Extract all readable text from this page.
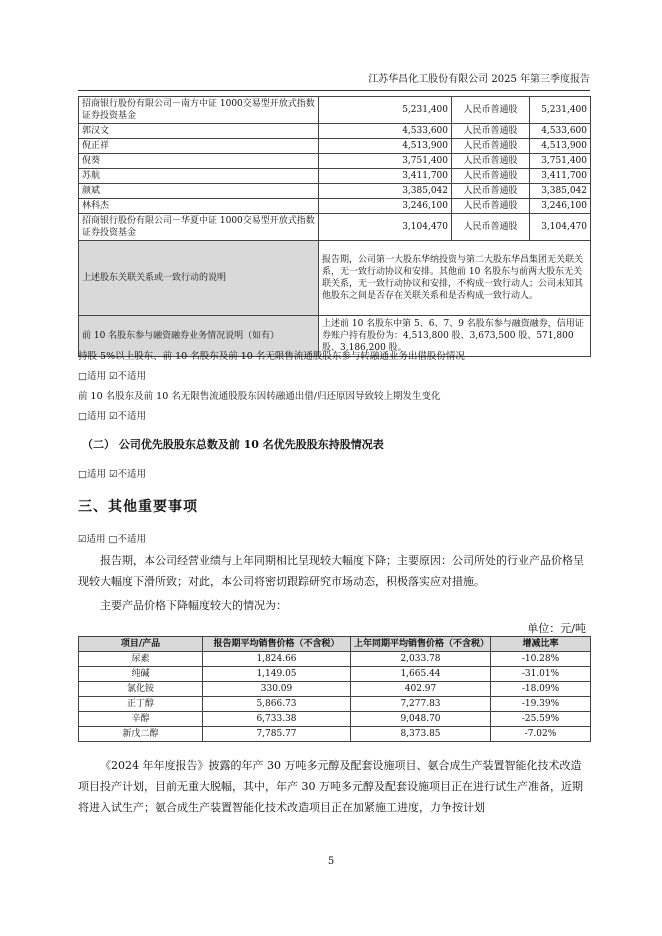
江苏华昌化工股份有限公司 2025 年第三季度报告
招商银行股份有限公司－南方中证 1000交易型开放式指数证券投资基金	5,231,400	人民币普通股	5,231,400
郭汉文	4,533,600	人民币普通股	4,533,600
倪正祥	4,513,900	人民币普通股	4,513,900
倪葵	3,751,400	人民币普通股	3,751,400
苏航	3,411,700	人民币普通股	3,411,700
颜斌	3,385,042	人民币普通股	3,385,042
林科杰	3,246,100	人民币普通股	3,246,100
招商银行股份有限公司－华夏中证 1000交易型开放式指数证券投资基金	3,104,470	人民币普通股	3,104,470
上述股东关联关系或一致行动的说明	报告期，公司第一大股东华纳投资与第二大股东华昌集团无关联关系，无一致行动协议和安排。其他前 10 名股东与前两大股东无关联关系，无一致行动协议和安排，不构成一致行动人；公司未知其他股东之间是否存在关联关系和是否构成一致行动人。		
前 10 名股东参与融资融券业务情况说明（如有）	上述前 10 名股东中第 5、6、7、9 名股东参与融资融券，信用证券账户持有股份为：4,513,800 股、3,673,500 股、571,800 股、3,186,200 股。		
持股 5%以上股东、前 10 名股东及前 10 名无限售流通股股东参与转融通业务出借股份情况
□适用 ☑不适用
前 10 名股东及前 10 名无限售流通股股东因转融通出借/归还原因导致较上期发生变化
□适用 ☑不适用
（二） 公司优先股股东总数及前 10 名优先股股东持股情况表
□适用 ☑不适用
三、其他重要事项
☑适用 □不适用

报告期，本公司经营业绩与上年同期相比呈现较大幅度下降；主要原因：公司所处的行业产品价格呈现较大幅度下滑所致；对此，本公司将密切跟踪研究市场动态，积极落实应对措施。

主要产品价格下降幅度较大的情况为：

单位：元/吨
项目/产品	报告期平均销售价格（不含税）	上年同期平均销售价格（不含税）	增减比率
尿素	1,824.66	2,033.78	-10.28%
纯碱	1,149.05	1,665.44	-31.01%
氯化铵	330.09	402.97	-18.09%
正丁醇	5,866.73	7,277.83	-19.39%
辛醇	6,733.38	9,048.70	-25.59%
新戊二醇	7,785.77	8,373.85	-7.02%

《2024 年年度报告》披露的年产 30 万吨多元醇及配套设施项目、氨合成生产装置智能化技术改造项目投产计划，目前无重大脱幅，其中，年产 30 万吨多元醇及配套设施项目正在进行试生产准备，近期将进入试生产；氨合成生产装置智能化技术改造项目正在加紧施工进度，力争按计划

5
